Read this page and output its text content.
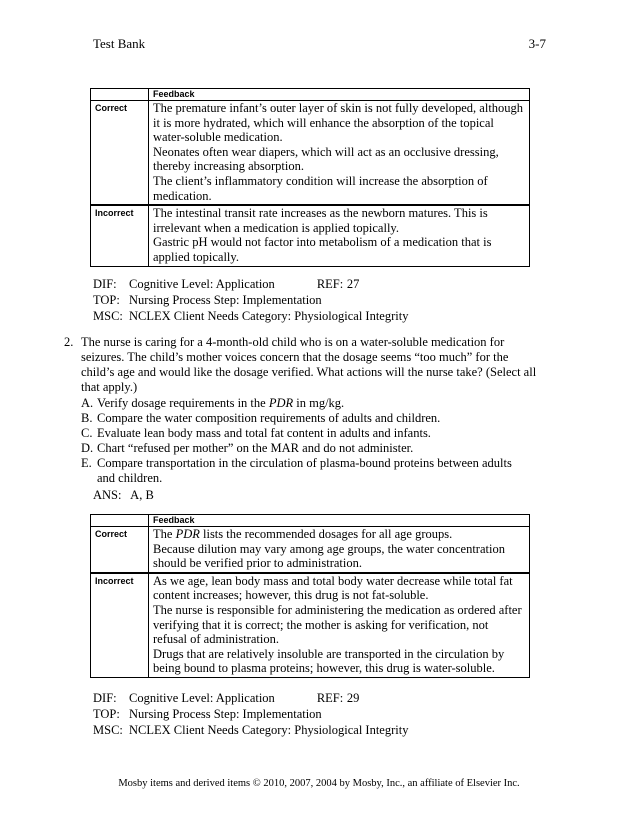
Test Bank	3-7
	Feedback
Correct	The premature infant’s outer layer of skin is not fully developed, although it is more hydrated, which will enhance the absorption of the topical water-soluble medication.
Neonates often wear diapers, which will act as an occlusive dressing, thereby increasing absorption.
The client’s inflammatory condition will increase the absorption of medication.

Incorrect	The intestinal transit rate increases as the newborn matures. This is irrelevant when a medication is applied topically.
Gastric pH would not factor into metabolism of a medication that is applied topically.
DIF: Cognitive Level: Application	REF: 27
TOP: Nursing Process Step: Implementation
MSC: NCLEX Client Needs Category: Physiological Integrity
2. The nurse is caring for a 4-month-old child who is on a water-soluble medication for seizures. The child’s mother voices concern that the dosage seems “too much” for the child’s age and would like the dosage verified. What actions will the nurse take? (Select all that apply.)
A. Verify dosage requirements in the PDR in mg/kg.
B. Compare the water composition requirements of adults and children.
C. Evaluate lean body mass and total fat content in adults and infants.
D. Chart “refused per mother” on the MAR and do not administer.
E. Compare transportation in the circulation of plasma-bound proteins between adults and children.
ANS:   A, B
	Feedback
Correct	The PDR lists the recommended dosages for all age groups.
Because dilution may vary among age groups, the water concentration should be verified prior to administration.

Incorrect	As we age, lean body mass and total body water decrease while total fat content increases; however, this drug is not fat-soluble.
The nurse is responsible for administering the medication as ordered after verifying that it is correct; the mother is asking for verification, not refusal of administration.
Drugs that are relatively insoluble are transported in the circulation by being bound to plasma proteins; however, this drug is water-soluble.
DIF: Cognitive Level: Application	REF: 29
TOP: Nursing Process Step: Implementation
MSC: NCLEX Client Needs Category: Physiological Integrity
Mosby items and derived items © 2010, 2007, 2004 by Mosby, Inc., an affiliate of Elsevier Inc.
